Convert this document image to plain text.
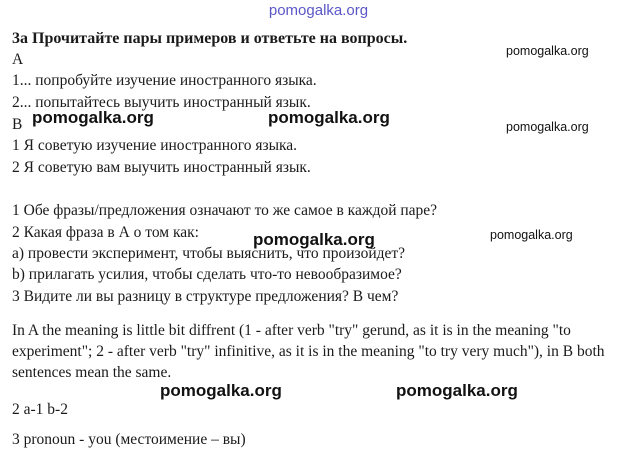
pomogalka.org
3a Прочитайте пары примеров и ответьте на вопросы.
pomogalka.org
A
1... попробуйте изучение иностранного языка.
2... попытайтесь выучить иностранный язык.
B pomogalka.org	pomogalka.org	pomogalka.org
1 Я советую изучение иностранного языка.
2 Я советую вам выучить иностранный язык.
1 Обе фразы/предложения означают то же самое в каждой паре?
2 Какая фраза в А о том как:	pomogalka.org	pomogalka.org
a) провести эксперимент, чтобы выяснить, что произойдет?
b) прилагать усилия, чтобы сделать что-то невообразимое?
3 Видите ли вы разницу в структуре предложения? В чем?
In A the meaning is little bit diffrent (1 - after verb "try" gerund, as it is in the meaning "to experiment"; 2 - after verb "try" infinitive, as it is in the meaning "to try very much"), in B both sentences mean the same.
pomogalka.org	pomogalka.org
2 a-1 b-2
3 pronoun - you (местоимение – вы)
